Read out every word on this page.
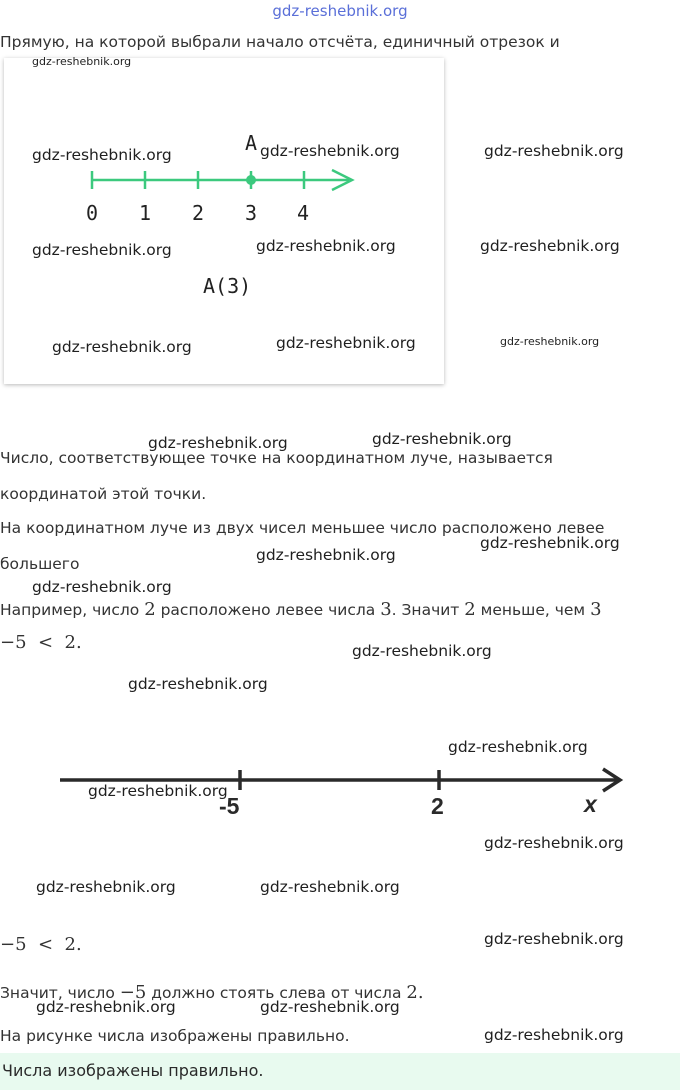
gdz-reshebnik.org
Прямую, на которой выбрали начало отсчёта, единичный отрезок и
A
0 1 2 3 4
A(3)
Число, соответствующее точке на координатном луче, называется
координатой этой точки.
На координатном луче из двух чисел меньшее число расположено левее
большего
Например, число 2 расположено левее числа 3. Значит 2 меньше, чем 3
−5  <  2.
-5	2	x
−5  <  2.
Значит, число −5 должно стоять слева от числа 2.
На рисунке числа изображены правильно.
Числа изображены правильно.
gdz-reshebnik.org
gdz-reshebnik.org	gdz-reshebnik.org	gdz-reshebnik.org
gdz-reshebnik.org	gdz-reshebnik.org	gdz-reshebnik.org
gdz-reshebnik.org	gdz-reshebnik.org	gdz-reshebnik.org
gdz-reshebnik.org	gdz-reshebnik.org
gdz-reshebnik.org
gdz-reshebnik.org
gdz-reshebnik.org
gdz-reshebnik.org
gdz-reshebnik.org
gdz-reshebnik.org
gdz-reshebnik.org
gdz-reshebnik.org
gdz-reshebnik.org	gdz-reshebnik.org
gdz-reshebnik.org
gdz-reshebnik.org	gdz-reshebnik.org
gdz-reshebnik.org
